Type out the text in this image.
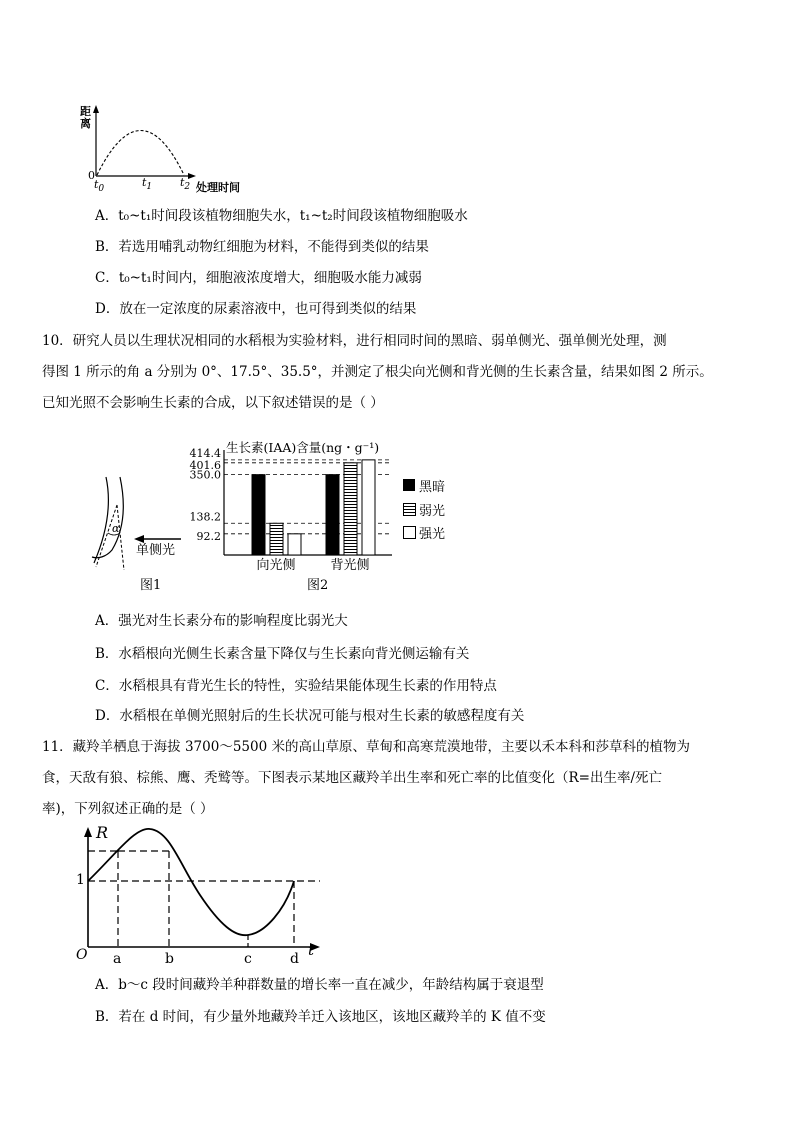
距
离
0
$t_0$
$t_1$	$t_2$ 处理时间
A．t₀~t₁时间段该植物细胞失水，t₁~t₂时间段该植物细胞吸水
B．若选用哺乳动物红细胞为材料，不能得到类似的结果
C．t₀~t₁时间内，细胞液浓度增大，细胞吸水能力减弱
D．放在一定浓度的尿素溶液中，也可得到类似的结果
10．研究人员以生理状况相同的水稻根为实验材料，进行相同时间的黑暗、弱单侧光、强单侧光处理，测
得图 1 所示的角 a 分别为 0°、17.5°、35.5°，并测定了根尖向光侧和背光侧的生长素含量，结果如图 2 所示。
已知光照不会影响生长素的合成，以下叙述错误的是（ ）
α
单侧光
图1
414.4
401.6
350.0
138.2
92.2
向光侧	背光侧
生长素(IAA)含量(ng・g⁻¹)
图2
黑暗
弱光
强光
A．强光对生长素分布的影响程度比弱光大
B．水稻根向光侧生长素含量下降仅与生长素向背光侧运输有关
C．水稻根具有背光生长的特性，实验结果能体现生长素的作用特点
D．水稻根在单侧光照射后的生长状况可能与根对生长素的敏感程度有关
11．藏羚羊栖息于海拔 3700～5500 米的高山草原、草甸和高寒荒漠地带，主要以禾本科和莎草科的植物为
食，天敌有狼、棕熊、鹰、秃鹫等。下图表示某地区藏羚羊出生率和死亡率的比值变化（R=出生率/死亡
率)，下列叙述正确的是（ ）
R
1
O a	b	c	d t
A．b～c 段时间藏羚羊种群数量的增长率一直在减少，年龄结构属于衰退型
B．若在 d 时间，有少量外地藏羚羊迁入该地区，该地区藏羚羊的 K 值不变
